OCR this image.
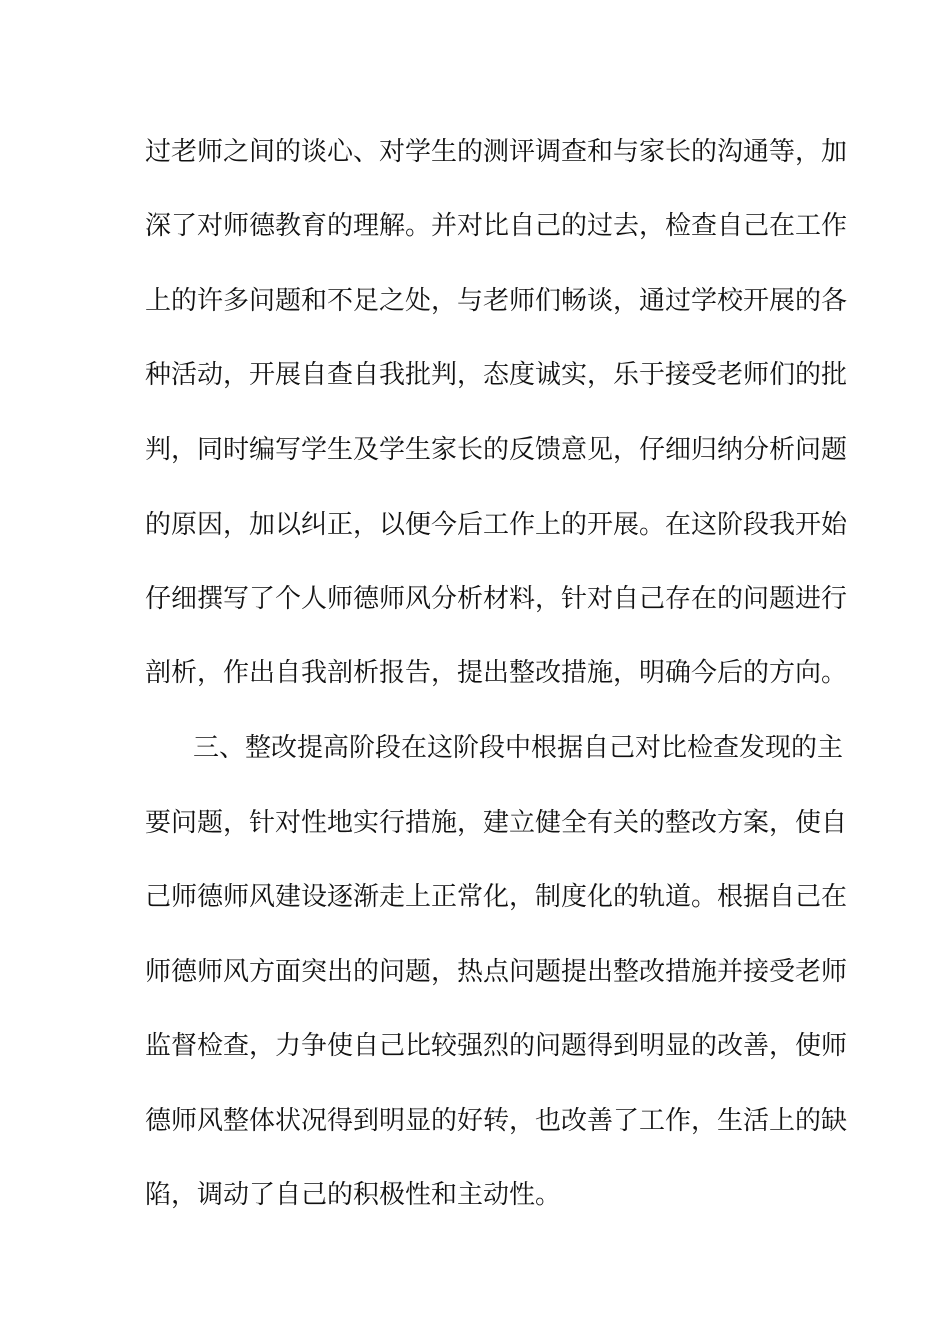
过老师之间的谈心、对学生的测评调查和与家长的沟通等，加
深了对师德教育的理解。并对比自己的过去，检查自己在工作
上的许多问题和不足之处，与老师们畅谈，通过学校开展的各
种活动，开展自查自我批判，态度诚实，乐于接受老师们的批
判，同时编写学生及学生家长的反馈意见，仔细归纳分析问题
的原因，加以纠正，以便今后工作上的开展。在这阶段我开始
仔细撰写了个人师德师风分析材料，针对自己存在的问题进行
剖析，作出自我剖析报告，提出整改措施，明确今后的方向。
三、整改提高阶段在这阶段中根据自己对比检查发现的主
要问题，针对性地实行措施，建立健全有关的整改方案，使自
己师德师风建设逐渐走上正常化，制度化的轨道。根据自己在
师德师风方面突出的问题，热点问题提出整改措施并接受老师
监督检查，力争使自己比较强烈的问题得到明显的改善，使师
德师风整体状况得到明显的好转，也改善了工作，生活上的缺
陷，调动了自己的积极性和主动性。
